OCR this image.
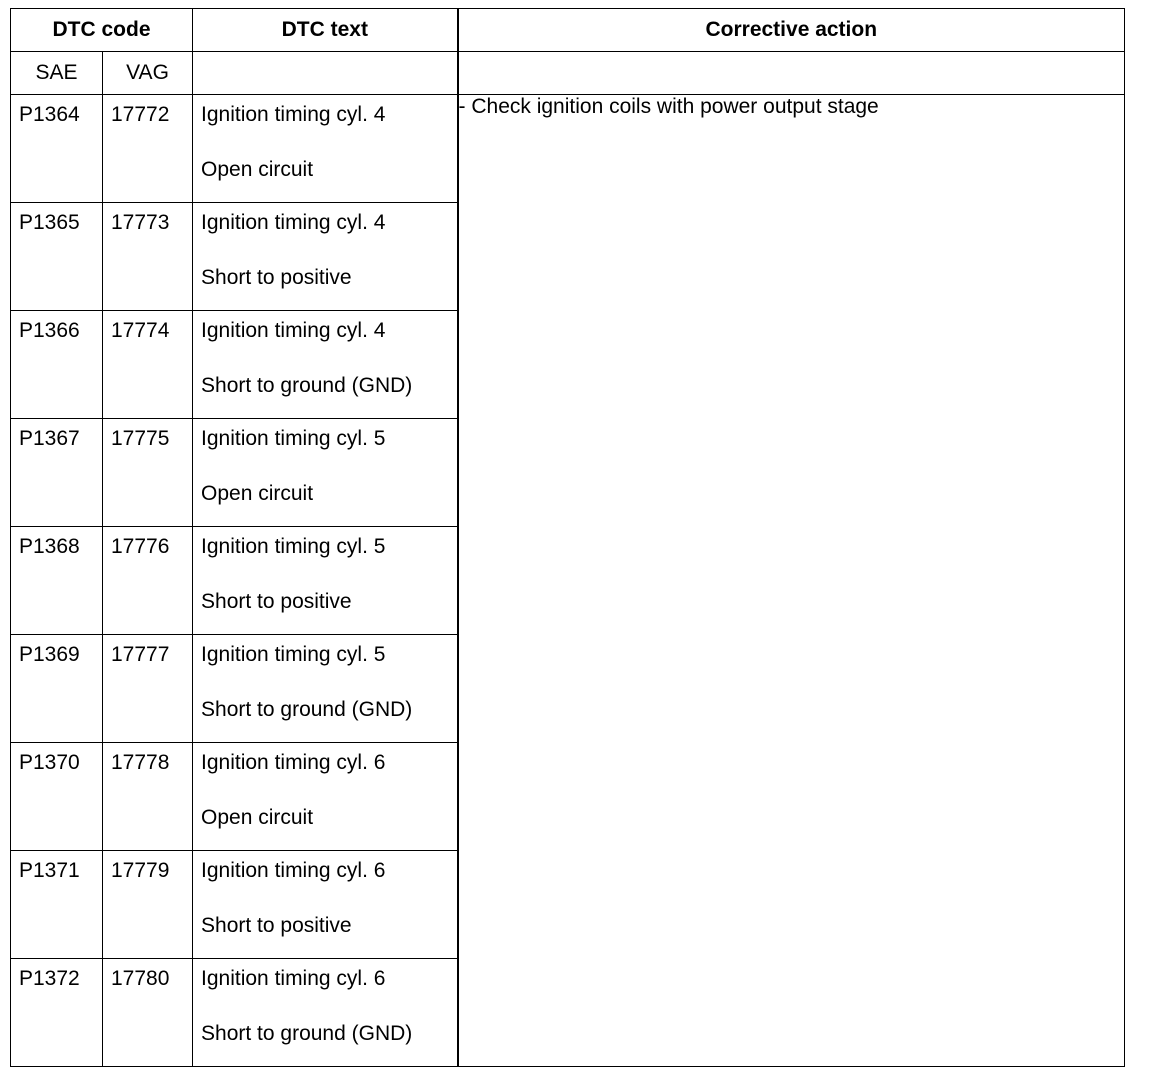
DTC code		DTC text	Corrective action
SAE	VAG		

P1364	17772	Ignition timing cyl. 4
Open circuit	- Check ignition coils with power output stage

P1365	17773	Ignition timing cyl. 4
Short to positive	

P1366	17774	Ignition timing cyl. 4
Short to ground (GND)	

P1367	17775	Ignition timing cyl. 5
Open circuit	

P1368	17776	Ignition timing cyl. 5
Short to positive	

P1369	17777	Ignition timing cyl. 5
Short to ground (GND)	

P1370	17778	Ignition timing cyl. 6
Open circuit	

P1371	17779	Ignition timing cyl. 6
Short to positive	

P1372	17780	Ignition timing cyl. 6
Short to ground (GND)	
